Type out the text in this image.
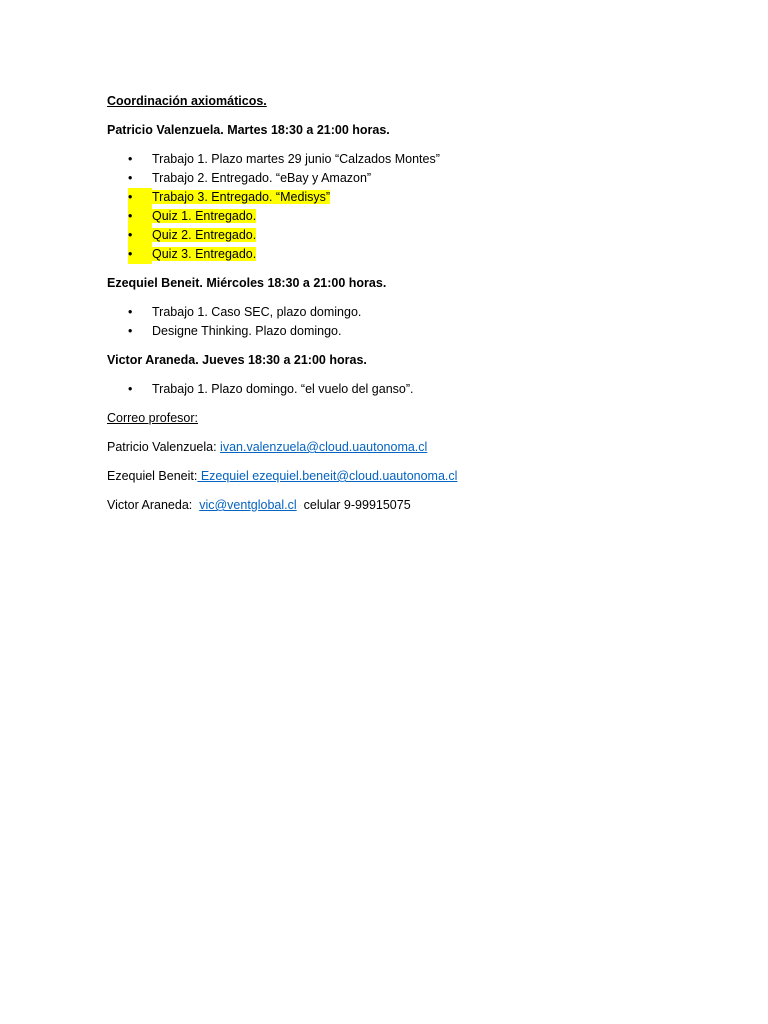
Coordinación axiomáticos.

Patricio Valenzuela. Martes 18:30 a 21:00 horas.

• Trabajo 1. Plazo martes 29 junio “Calzados Montes”
• Trabajo 2. Entregado. “eBay y Amazon”
•	Trabajo 3. Entregado. “Medisys”
•	Quiz 1. Entregado.
•	Quiz 2. Entregado.
•	Quiz 3. Entregado.

Ezequiel Beneit. Miércoles 18:30 a 21:00 horas.

• Trabajo 1. Caso SEC, plazo domingo.
• Designe Thinking. Plazo domingo.

Victor Araneda. Jueves 18:30 a 21:00 horas.

• Trabajo 1. Plazo domingo. “el vuelo del ganso”.

Correo profesor:

Patricio Valenzuela: ivan.valenzuela@cloud.uautonoma.cl

Ezequiel Beneit: Ezequiel ezequiel.beneit@cloud.uautonoma.cl

Victor Araneda: vic@ventglobal.cl celular 9-99915075
